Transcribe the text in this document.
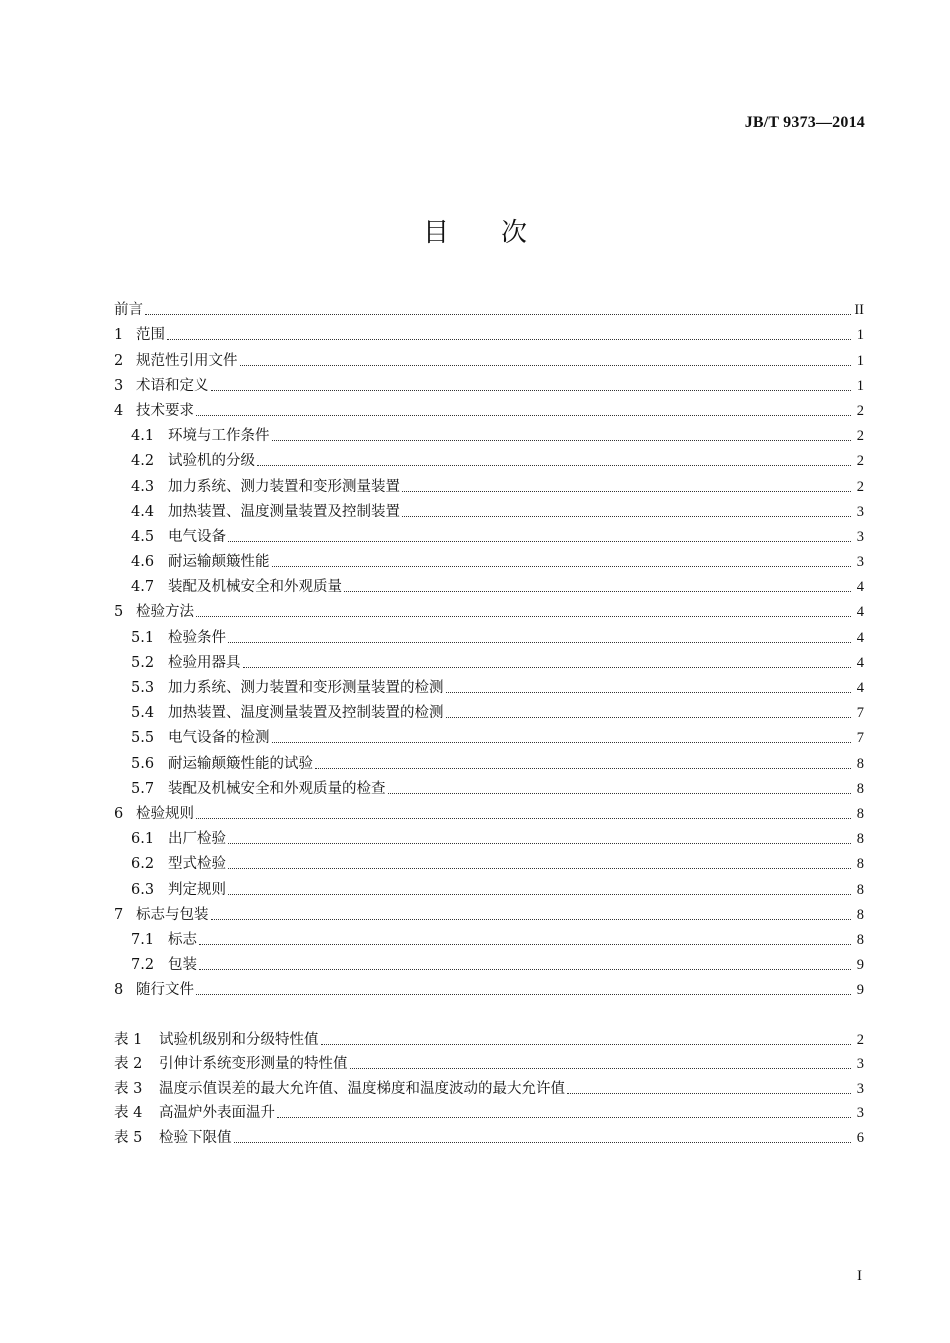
JB/T 9373—2014
目　　次
前言	II
1 范围	1
2 规范性引用文件	1
3 术语和定义	1
4 技术要求	2
4.1 环境与工作条件	2
4.2 试验机的分级	2
4.3 加力系统、测力装置和变形测量装置	2
4.4 加热装置、温度测量装置及控制装置	3
4.5 电气设备	3
4.6 耐运输颠簸性能	3
4.7 装配及机械安全和外观质量	4
5 检验方法	4
5.1 检验条件	4
5.2 检验用器具	4
5.3 加力系统、测力装置和变形测量装置的检测	4
5.4 加热装置、温度测量装置及控制装置的检测	7
5.5 电气设备的检测	7
5.6 耐运输颠簸性能的试验	8
5.7 装配及机械安全和外观质量的检查	8
6 检验规则	8
6.1 出厂检验	8
6.2 型式检验	8
6.3 判定规则	8
7 标志与包装	8
7.1 标志	8
7.2 包装	9
8 随行文件	9
表 1	试验机级别和分级特性值	2
表 2	引伸计系统变形测量的特性值	3
表 3	温度示值误差的最大允许值、温度梯度和温度波动的最大允许值	3
表 4	高温炉外表面温升	3
表 5	检验下限值	6
I
